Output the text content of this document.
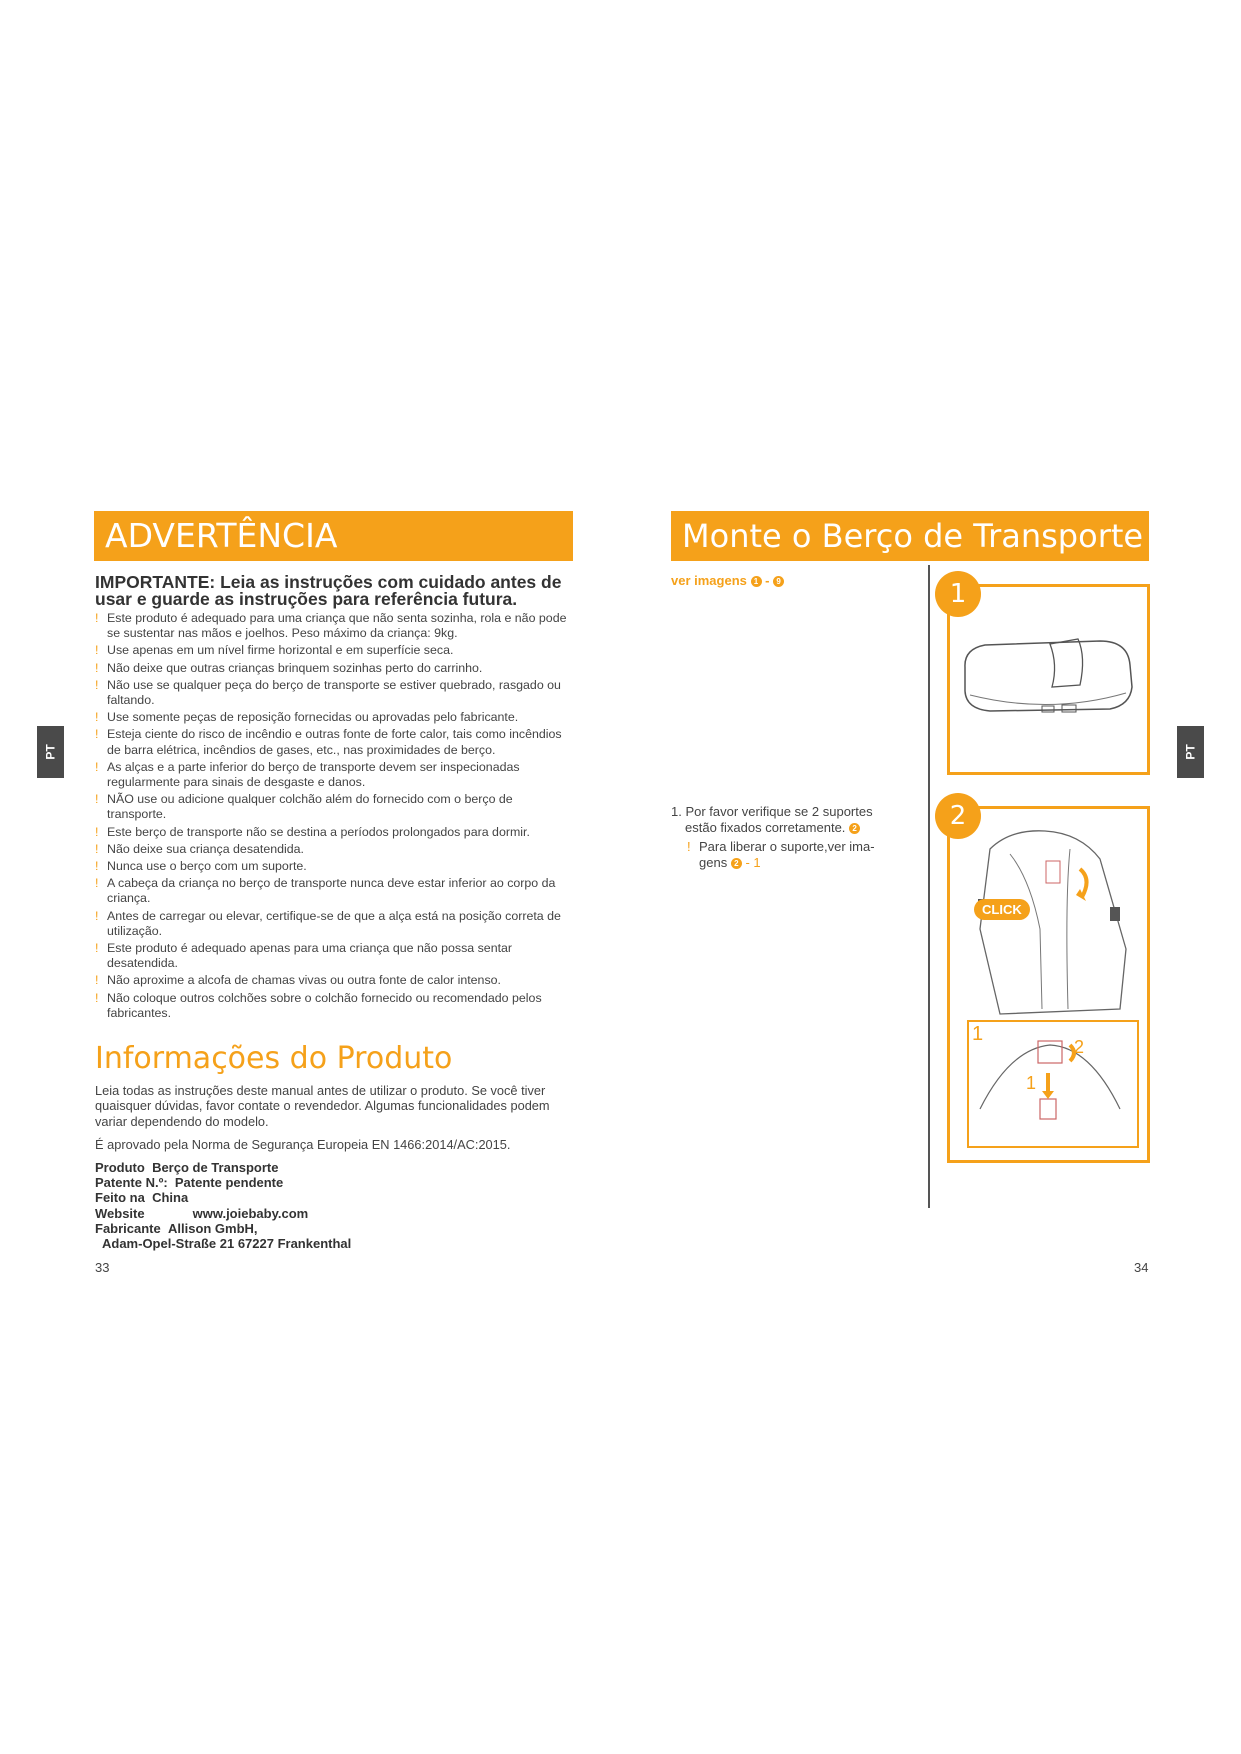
ADVERTÊNCIA
PT
IMPORTANTE: Leia as instruções com cuidado antes de usar e guarde as instruções para referência futura.
! Este produto é adequado para uma criança que não senta sozinha, rola e não pode se sustentar nas mãos e joelhos. Peso máximo da criança: 9kg.
! Use apenas em um nível firme horizontal e em superfície seca.
! Não deixe que outras crianças brinquem sozinhas perto do carrinho.
! Não use se qualquer peça do berço de transporte se estiver quebrado, rasgado ou faltando.
! Use somente peças de reposição fornecidas ou aprovadas pelo fabricante.
! Esteja ciente do risco de incêndio e outras fonte de forte calor, tais como incêndios de barra elétrica, incêndios de gases, etc., nas proximidades de berço.
! As alças e a parte inferior do berço de transporte devem ser inspecionadas regularmente para sinais de desgaste e danos.
! NÃO use ou adicione qualquer colchão além do fornecido com o berço de transporte.
! Este berço de transporte não se destina a períodos prolongados para dormir.
! Não deixe sua criança desatendida.
! Nunca use o berço com um suporte.
! A cabeça da criança no berço de transporte nunca deve estar inferior ao corpo da criança.
! Antes de carregar ou elevar, certifique-se de que a alça está na posição correta de utilização.
! Este produto é adequado apenas para uma criança que não possa sentar desatendida.
! Não aproxime a alcofa de chamas vivas ou outra fonte de calor intenso.
! Não coloque outros colchões sobre o colchão fornecido ou recomendado pelos fabricantes.
Informações do Produto
Leia todas as instruções deste manual antes de utilizar o produto. Se você tiver quaisquer dúvidas, favor contate o revendedor. Algumas funcionalidades podem variar dependendo do modelo.
É aprovado pela Norma de Segurança Europeia EN 1466:2014/AC:2015.
Produto Berço de Transporte
Patente N.º: Patente pendente
Feito na China
Website	www.joiebaby.com
Fabricante Allison GmbH,
Adam-Opel-Straße 21 67227 Frankenthal
33
Monte o Berço de Transporte
PT
ver imagens 1 - 9
1. Por favor verifique se 2 suportes
estão fixados corretamente. 2
! Para liberar o suporte,ver ima-
gens 2 - 1
1
CLICK
1
1
2
2
34
